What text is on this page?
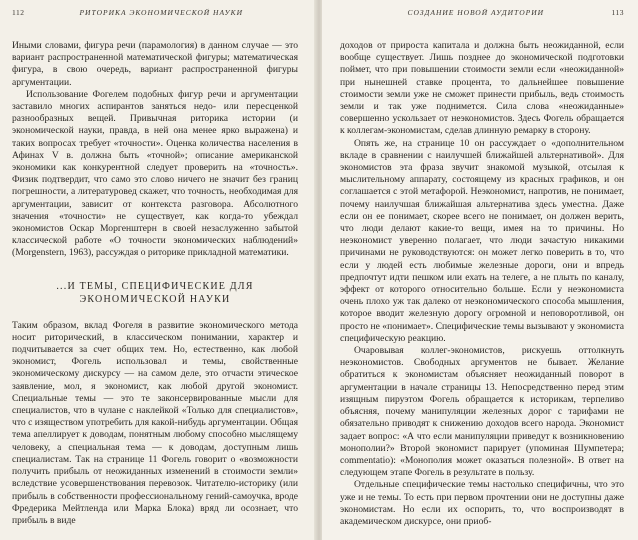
112	РИТОРИКА ЭКОНОМИЧЕСКОЙ НАУКИ

Иными словами, фигура речи (парамология) в данном случае — это вариант распространенной математической фигуры; математическая фигура, в свою очередь, вариант распространенной фигуры аргументации.

Использование Фогелем подобных фигур речи и аргументации заставило многих аспирантов заняться недо- или пересценкой разнообразных вещей. Привычная риторика истории (и экономической науки, правда, в ней она менее ярко выражена) и таких вопросах требует «точности». Оценка количества населения в Афинах V в. должна быть «точной»; описание американской экономики как конкурентной следует проверить на «точность». Физик подтвердит, что само это слово ничего не значит без границ погрешности, а литературовед скажет, что точность, необходимая для аргументации, зависит от контекста разговора. Абсолютного значения «точности» не существует, как когда-то убеждал экономистов Оскар Моргенштерн в своей незаслуженно забытой классической работе «О точности экономических наблюдений» (Morgenstern, 1963), рассуждая о риторике прикладной математики.

...И ТЕМЫ, СПЕЦИФИЧЕСКИЕ ДЛЯ
ЭКОНОМИЧЕСКОЙ НАУКИ

Таким образом, вклад Фогеля в развитие экономического метода носит риторический, в классическом понимании, характер и подчитывается за счет общих тем. Но, естественно, как любой экономист, Фогель использовал и темы, свойственные экономическому дискурсу — на самом деле, это отчасти этическое заявление, мол, я экономист, как любой другой экономист. Специальные темы — это те законсервированные мысли для специалистов, что в чулане с наклейкой «Только для специалистов», что с изяществом употребить для какой-нибудь аргументации. Общая тема апеллирует к доводам, понятным любому способно мыслящему человеку, а специальная тема — к доводам, доступным лишь специалистам. Так на странице 11 Фогель говорит о «возможности получить прибыль от неожиданных изменений в стоимости земли» вследствие усовершенствования перевозок. Читателю-историку (или прибыль в собственности профессиональному гений-самоучка, вроде Фредерика Мейтленда или Марка Блока) вряд ли осознает, что прибыль в виде

СОЗДАНИЕ НОВОЙ АУДИТОРИИ	113

доходов от прироста капитала и должна быть неожиданной, если вообще существует. Лишь позднее до экономической подготовки поймет, что при повышении стоимости земли если «неожиданной» при нынешней ставке процента, то дальнейшее повышение стоимости земли уже не сможет принести прибыль, ведь стоимость земли и так уже поднимется. Сила слова «неожиданные» совершенно ускользает от неэкономистов. Здесь Фогель обращается к коллегам-экономистам, сделав длинную ремарку в сторону.

Опять же, на странице 10 он рассуждает о «дополнительном вкладе в сравнении с наилучшей ближайшей альтернативой». Для экономистов эта фраза звучит знакомой музыкой, отсылая к мыслительному аппарату, состоящему из красных графиков, и он соглашается с этой метафорой. Неэкономист, напротив, не понимает, почему наилучшая ближайшая альтернатива здесь уместна. Даже если он ее понимает, скорее всего не понимает, он должен верить, что люди делают какие-то вещи, имея на то причины. Но неэкономист уверенно полагает, что люди зачастую никакими причинами не руководствуются: он может легко поверить в то, что если у людей есть любимые железные дороги, они и впредь предпочтут идти пешком или ехать на телеге, а не плыть по каналу, эффект от которого относительно больше. Если у неэкономиста очень плохо уж так далеко от неэкономического способа мышления, которое вводит железную дорогу огромной и неповоротливой, он просто не «понимает». Специфические темы вызывают у экономиста специфическую реакцию.

Очаровывая коллег-экономистов, рискуешь оттолкнуть неэкономистов. Свободных аргументов не бывает. Желание обратиться к экономистам объясняет неожиданный поворот в аргументации в начале страницы 13. Непосредственно перед этим изящным пируэтом Фогель обращается к историкам, терпеливо объясняя, почему манипуляции железных дорог с тарифами не обязательно приводят к снижению доходов всего народа. Экономист задает вопрос: «А что если манипуляции приведут к возникновению монополии?» Второй экономист парирует (упоминая Шумпетера; commentatio): «Монополия может оказаться полезной». В ответ на следующем этапе Фогель в результате в пользу.

Отдельные специфические темы настолько специфичны, что это уже и не темы. То есть при первом прочтении они не доступны даже экономистам. Но если их оспорить, то, что воспроизводят в академическом дискурсе, они приоб-
